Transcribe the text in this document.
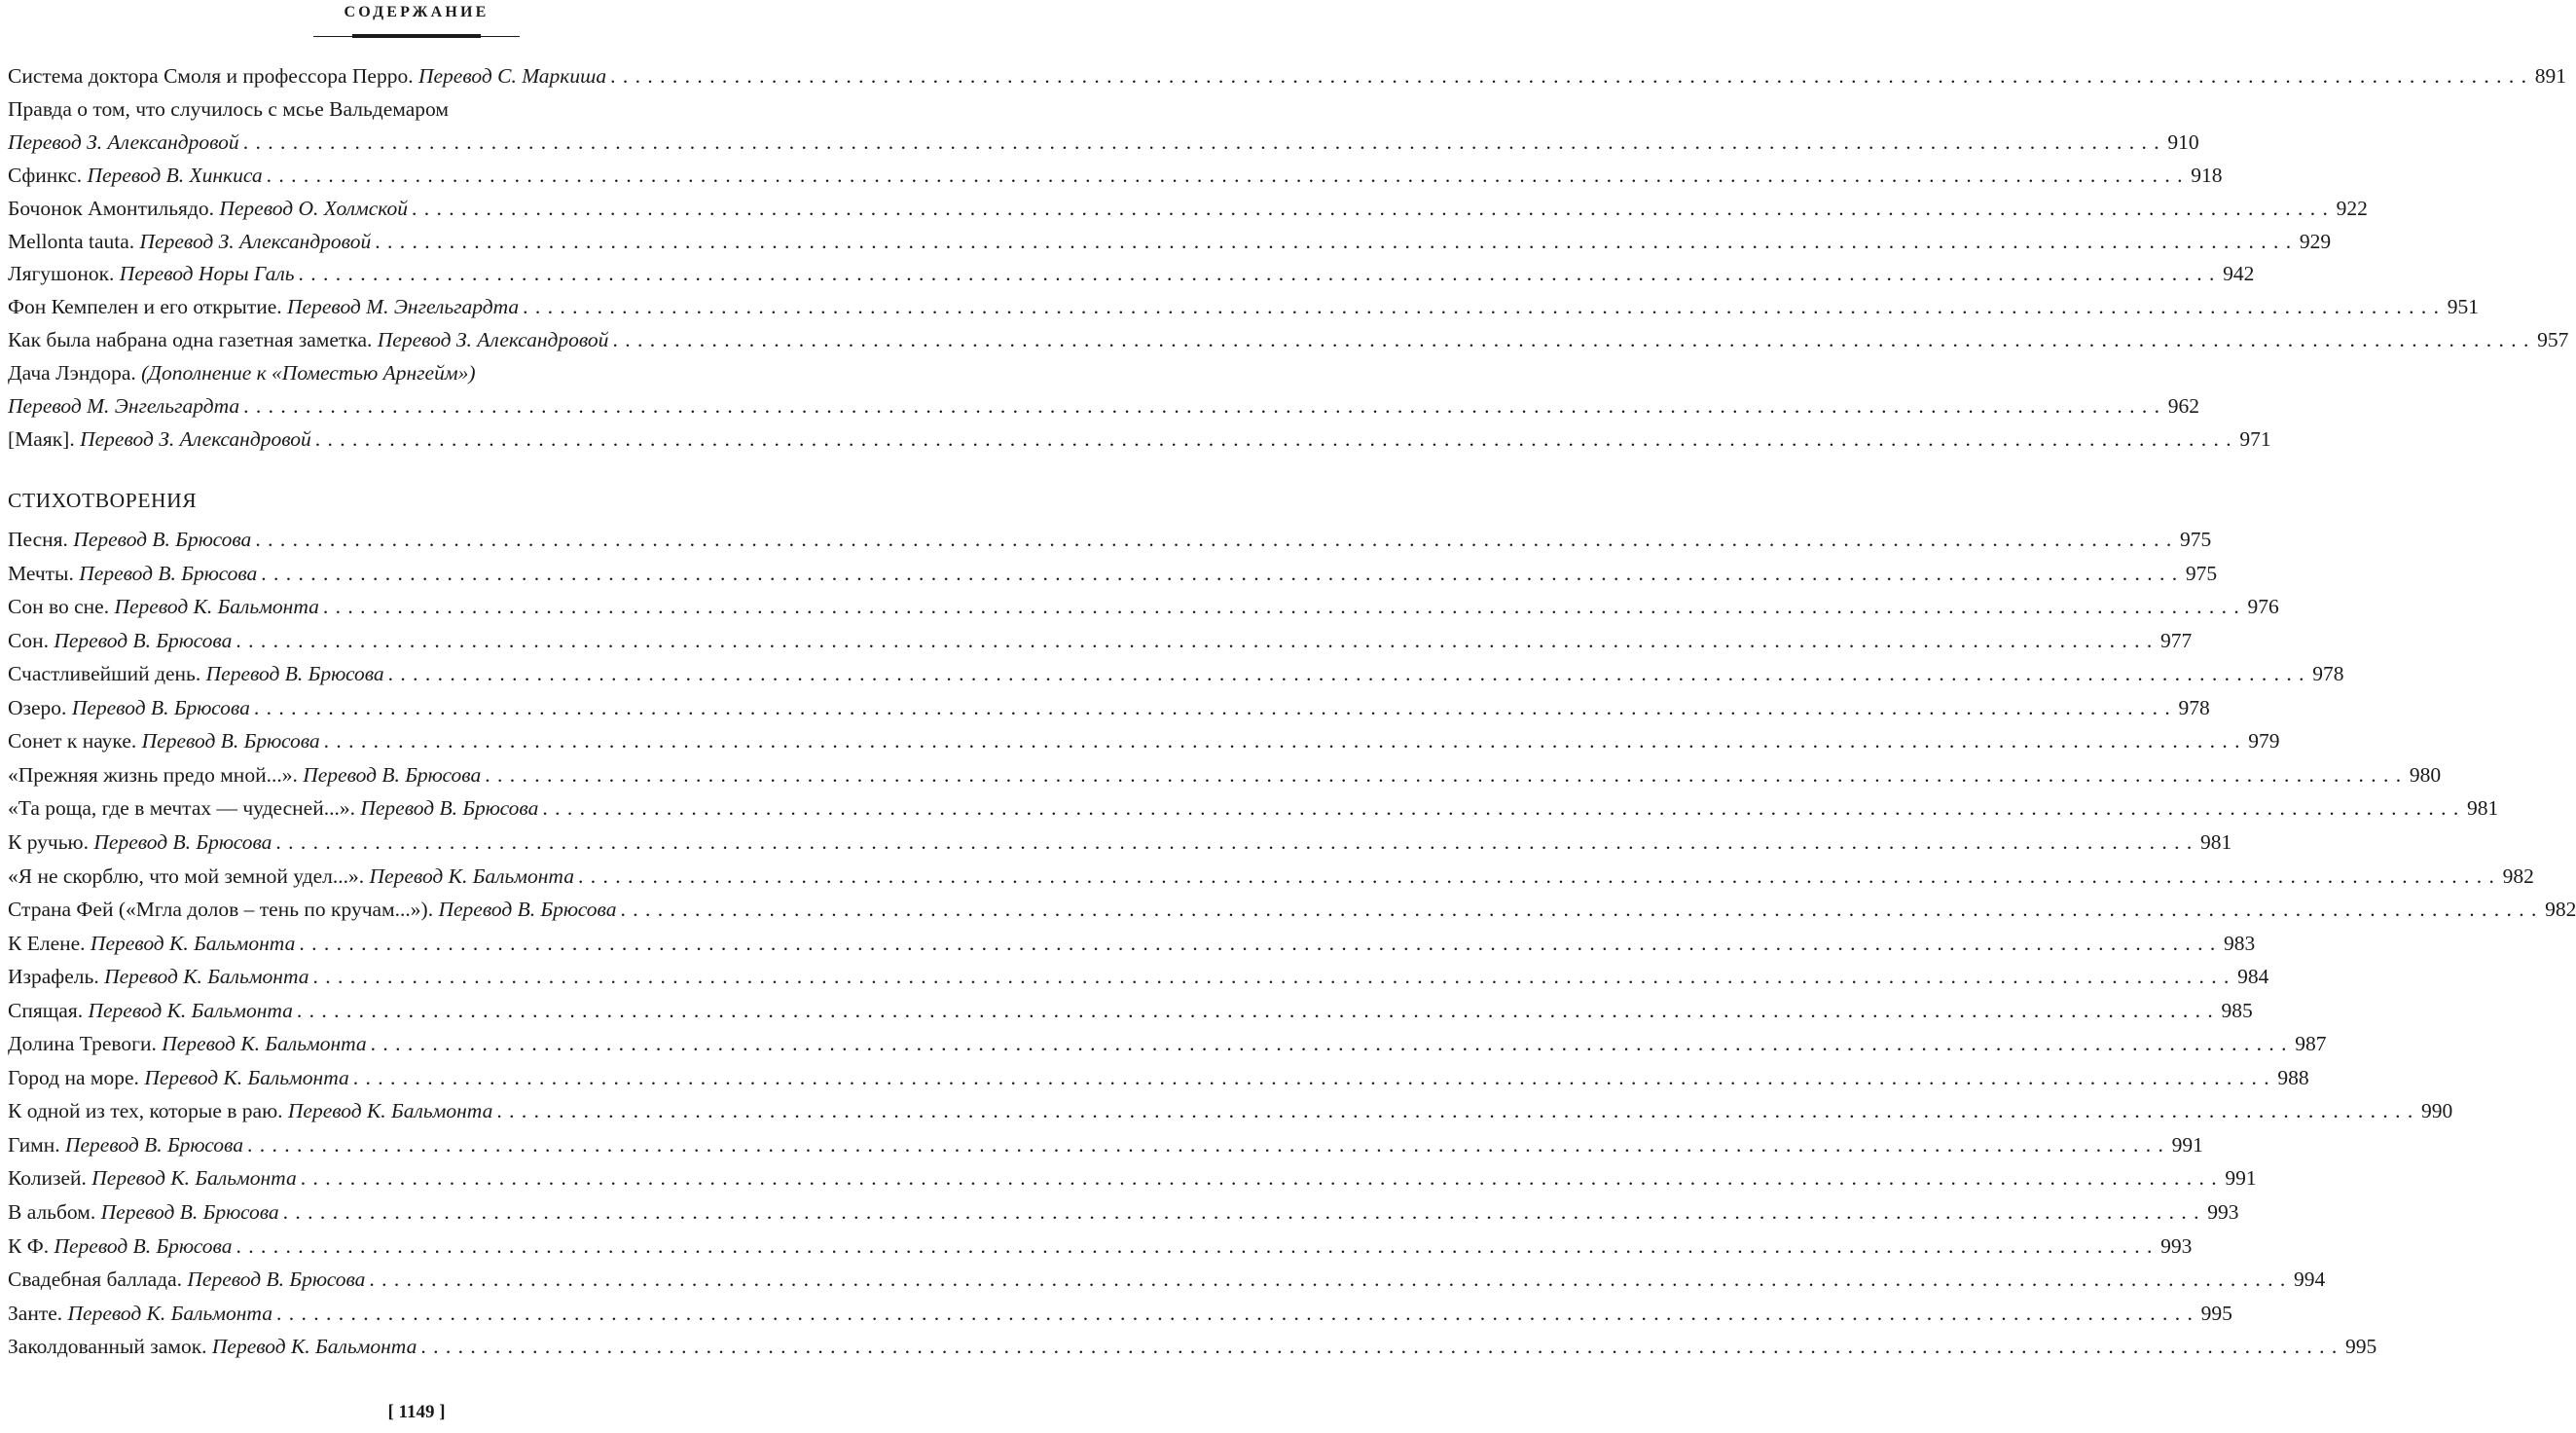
СОДЕРЖАНИЕ
Система доктора Смоля и профессора Перро. Перевод С. Маркиша . . .	891
Правда о том, что случилось с мсье Вальдемаром
Перевод З. Александровой . . .	910
Сфинкс. Перевод В. Хинкиса . . .	918
Бочонок Амонтильядо. Перевод О. Холмской . . .	922
Mellonta tauta. Перевод З. Александровой . . .	929
Лягушонок. Перевод Норы Галь . . .	942
Фон Кемпелен и его открытие. Перевод М. Энгельгардта . . .	951
Как была набрана одна газетная заметка. Перевод З. Александровой . . .	957
Дача Лэндора. (Дополнение к «Поместью Арнгейм»)
Перевод М. Энгельгардта . . .	962
[Маяк]. Перевод З. Александровой . . .	971
СТИХОТВОРЕНИЯ
Песня. Перевод В. Брюсова . . .	975
Мечты. Перевод В. Брюсова . . .	975
Сон во сне. Перевод К. Бальмонта . . .	976
Сон. Перевод В. Брюсова . . .	977
Счастливейший день. Перевод В. Брюсова . . .	978
Озеро. Перевод В. Брюсова . . .	978
Сонет к науке. Перевод В. Брюсова . . .	979
«Прежняя жизнь предо мной...». Перевод В. Брюсова . . .	980
«Та роща, где в мечтах — чудесней...». Перевод В. Брюсова . . .	981
К ручью. Перевод В. Брюсова . . .	981
«Я не скорблю, что мой земной удел...». Перевод К. Бальмонта . . .	982
Страна Фей («Мгла долов – тень по кручам...»). Перевод В. Брюсова . . .	982
К Елене. Перевод К. Бальмонта . . .	983
Израфель. Перевод К. Бальмонта . . .	984
Спящая. Перевод К. Бальмонта . . .	985
Долина Тревоги. Перевод К. Бальмонта . . .	987
Город на море. Перевод К. Бальмонта . . .	988
К одной из тех, которые в раю. Перевод К. Бальмонта . . .	990
Гимн. Перевод В. Брюсова . . .	991
Колизей. Перевод К. Бальмонта . . .	991
В альбом. Перевод В. Брюсова . . .	993
К Ф. Перевод В. Брюсова . . .	993
Свадебная баллада. Перевод В. Брюсова . . .	994
Занте. Перевод К. Бальмонта . . .	995
Заколдованный замок. Перевод К. Бальмонта . . .	995
[ 1149 ]
